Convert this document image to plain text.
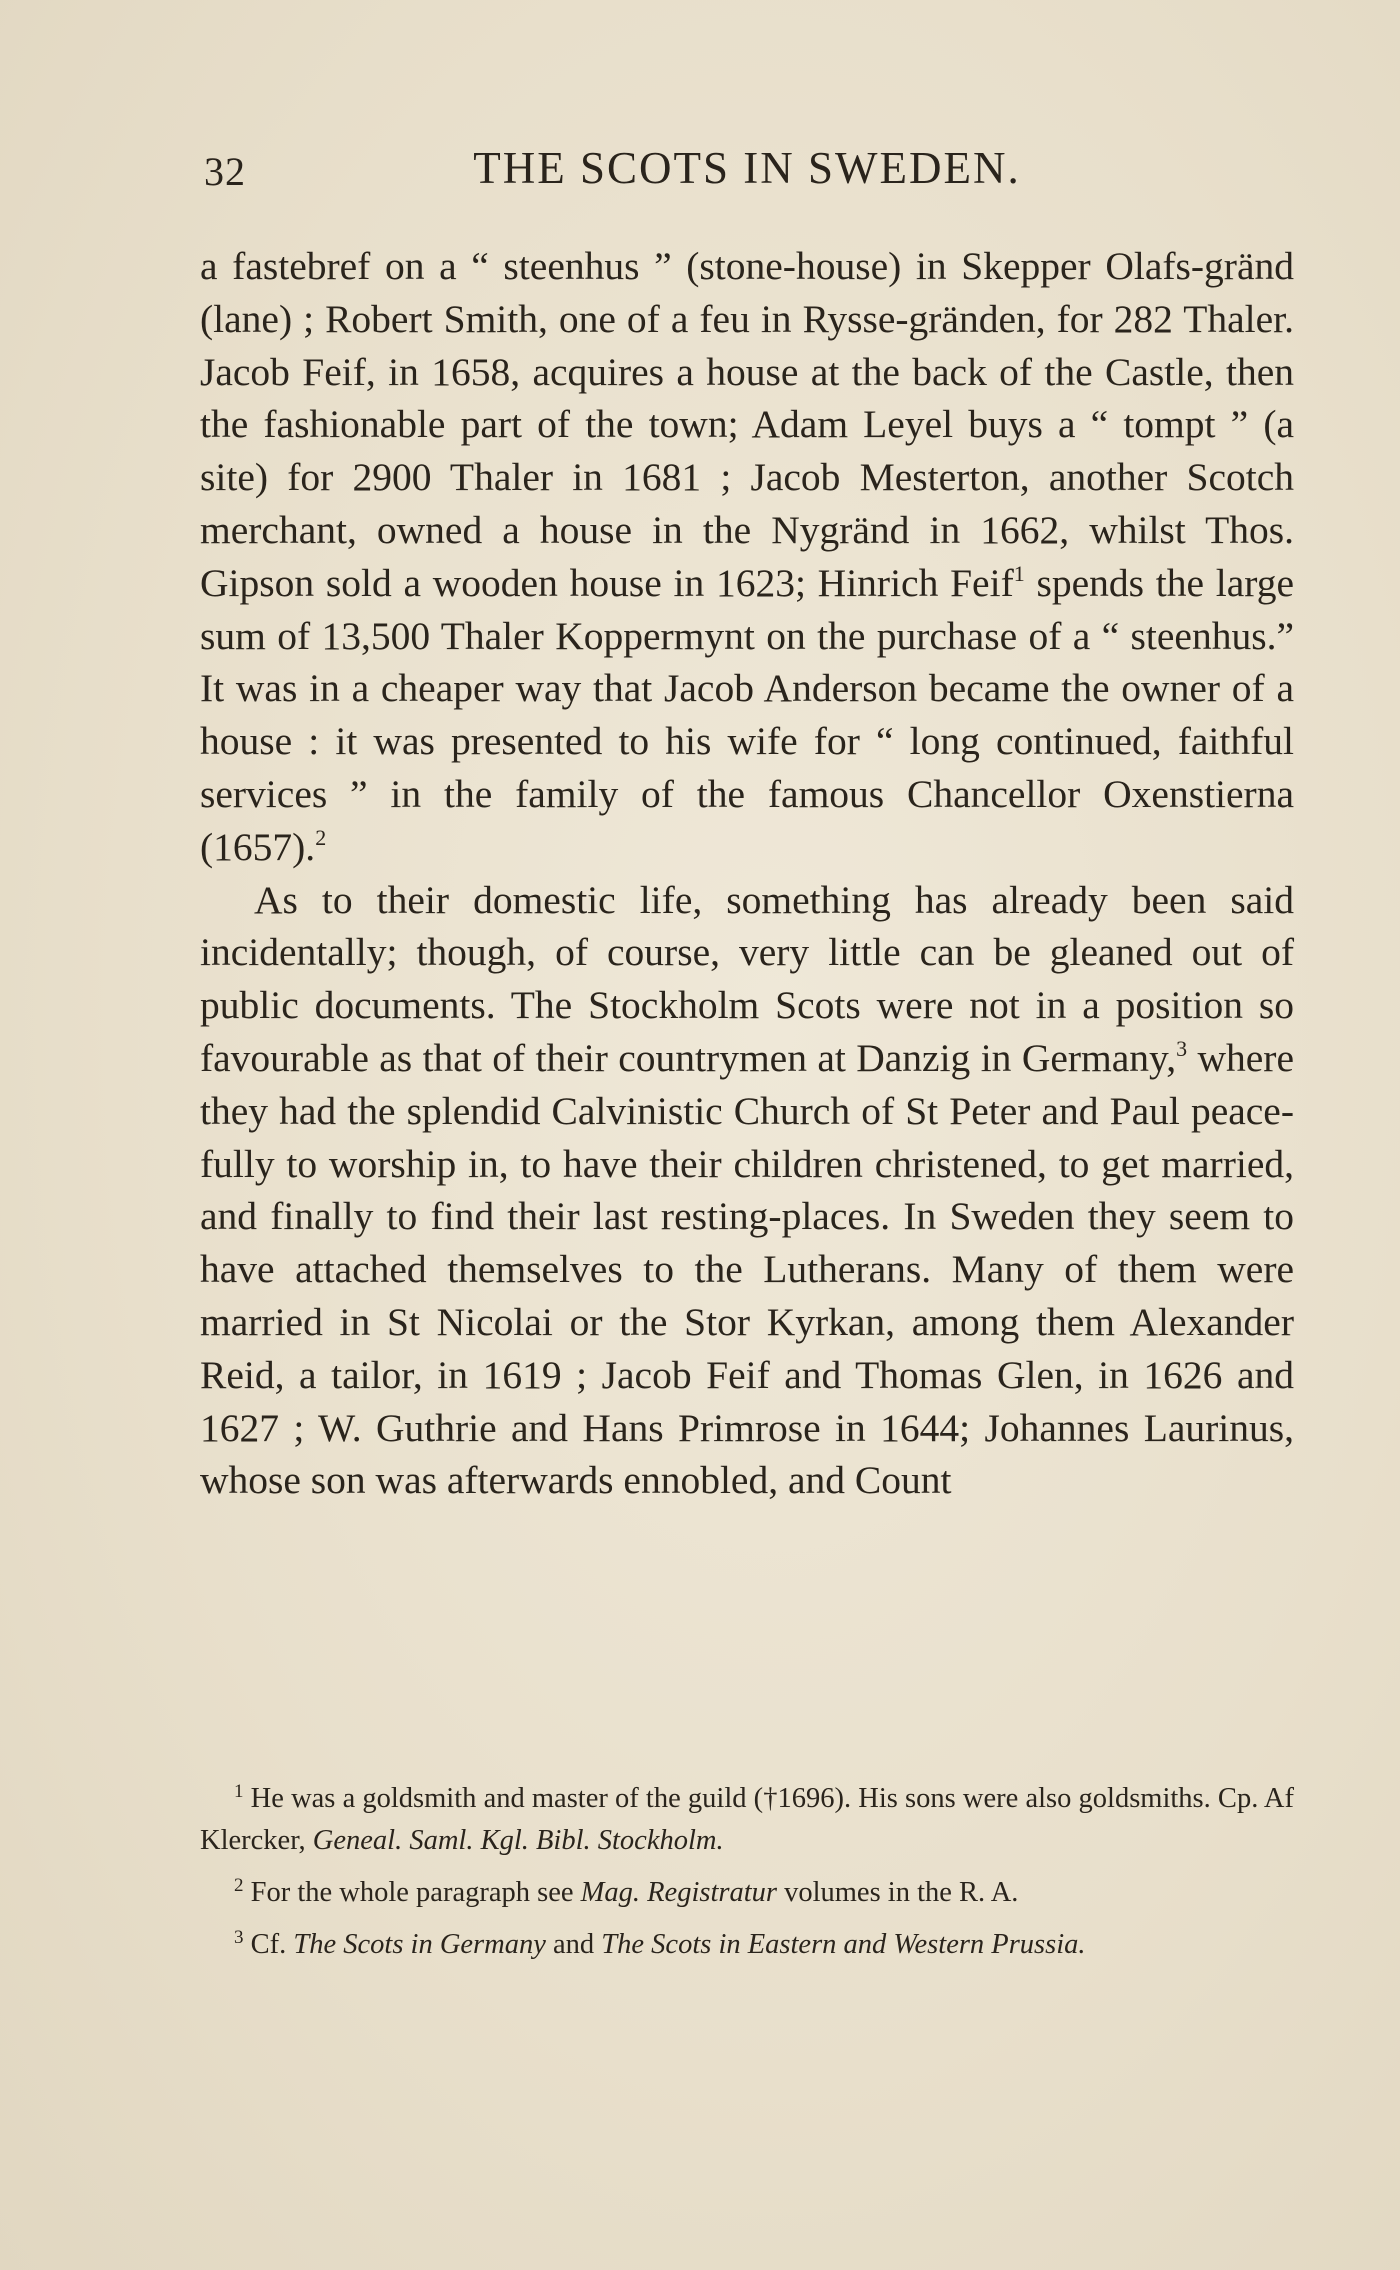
32	THE SCOTS IN SWEDEN.

a fastebref on a “ steenhus ” (stone-house) in Skepper Olafs-gränd (lane) ; Robert Smith, one of a feu in Rysse-gränden, for 282 Thaler. Jacob Feif, in 1658, acquires a house at the back of the Castle, then the fashionable part of the town; Adam Leyel buys a “ tompt ” (a site) for 2900 Thaler in 1681 ; Jacob Mesterton, another Scotch merchant, owned a house in the Nygränd in 1662, whilst Thos. Gipson sold a wooden house in 1623; Hinrich Feif$^1$ spends the large sum of 13,500 Thaler Koppermynt on the purchase of a “ steenhus.” It was in a cheaper way that Jacob Anderson became the owner of a house : it was presented to his wife for “ long continued, faithful services ” in the family of the famous Chancellor Oxenstierna (1657).$^2$

As to their domestic life, something has already been said incidentally; though, of course, very little can be gleaned out of public documents. The Stockholm Scots were not in a position so favourable as that of their countrymen at Danzig in Germany,$^3$ where they had the splendid Calvinistic Church of St Peter and Paul peace-fully to worship in, to have their children christened, to get married, and finally to find their last resting-places. In Sweden they seem to have attached themselves to the Lutherans. Many of them were married in St Nicolai or the Stor Kyrkan, among them Alexander Reid, a tailor, in 1619 ; Jacob Feif and Thomas Glen, in 1626 and 1627 ; W. Guthrie and Hans Primrose in 1644; Johannes Laurinus, whose son was afterwards ennobled, and Count

$^1$ He was a goldsmith and master of the guild (†1696). His sons were also goldsmiths. Cp. Af Klercker, Geneal. Saml. Kgl. Bibl. Stockholm.

$^2$ For the whole paragraph see Mag. Registratur volumes in the R. A.

$^3$ Cf. The Scots in Germany and The Scots in Eastern and Western Prussia.
